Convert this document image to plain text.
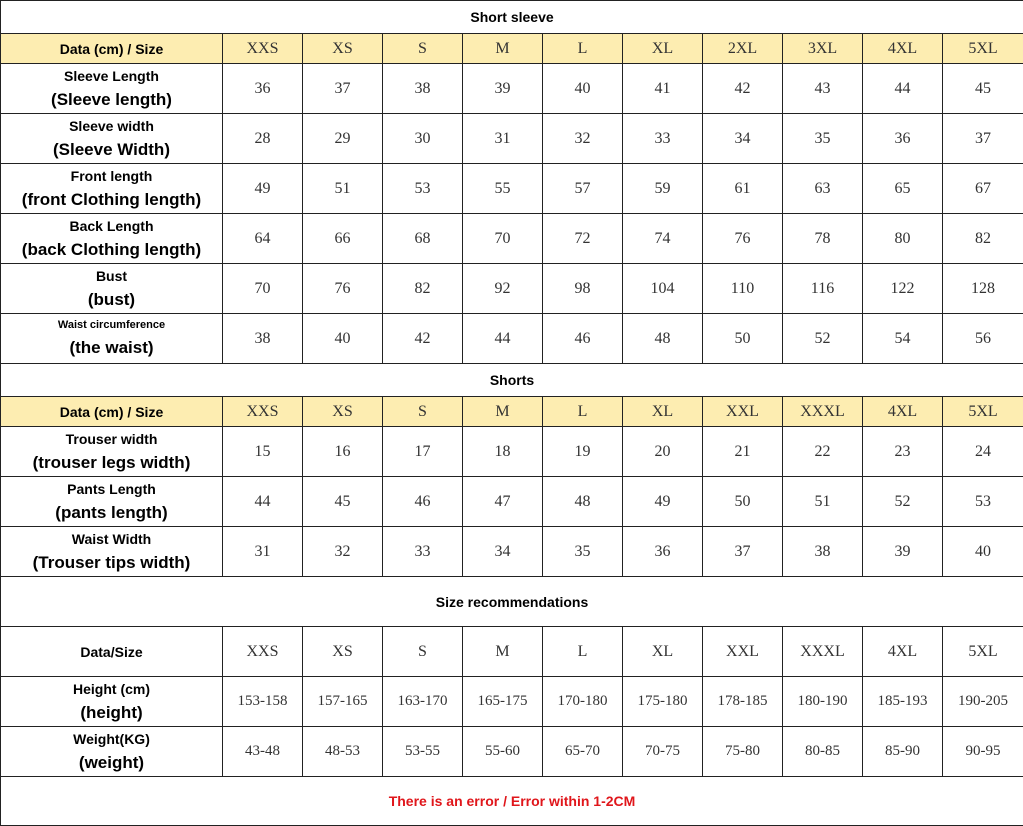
Short sleeve										
Data (cm) / Size	XXS	XS	S	M	L	XL	2XL	3XL	4XL	5XL

Sleeve Length
(Sleeve length)	36	37	38	39	40	41	42	43	44	45

Sleeve width
(Sleeve Width)	28	29	30	31	32	33	34	35	36	37

Front length
(front Clothing length)	49	51	53	55	57	59	61	63	65	67

Back Length
(back Clothing length)	64	66	68	70	72	74	76	78	80	82

Bust
(bust)	70	76	82	92	98	104	110	116	122	128

Waist circumference
(the waist)	38	40	42	44	46	48	50	52	54	56
Shorts										
Data (cm) / Size	XXS	XS	S	M	L	XL	XXL	XXXL	4XL	5XL

Trouser width
(trouser legs width)	15	16	17	18	19	20	21	22	23	24

Pants Length
(pants length)	44	45	46	47	48	49	50	51	52	53

Waist Width
(Trouser tips width)	31	32	33	34	35	36	37	38	39	40
Size recommendations										
Data/Size	XXS	XS	S	M	L	XL	XXL	XXXL	4XL	5XL

Height (cm)
(height)	153-158	157-165	163-170	165-175	170-180	175-180	178-185	180-190	185-193	190-205

Weight(KG)
(weight)	43-48	48-53	53-55	55-60	65-70	70-75	75-80	80-85	85-90	90-95
There is an error / Error within 1-2CM										
